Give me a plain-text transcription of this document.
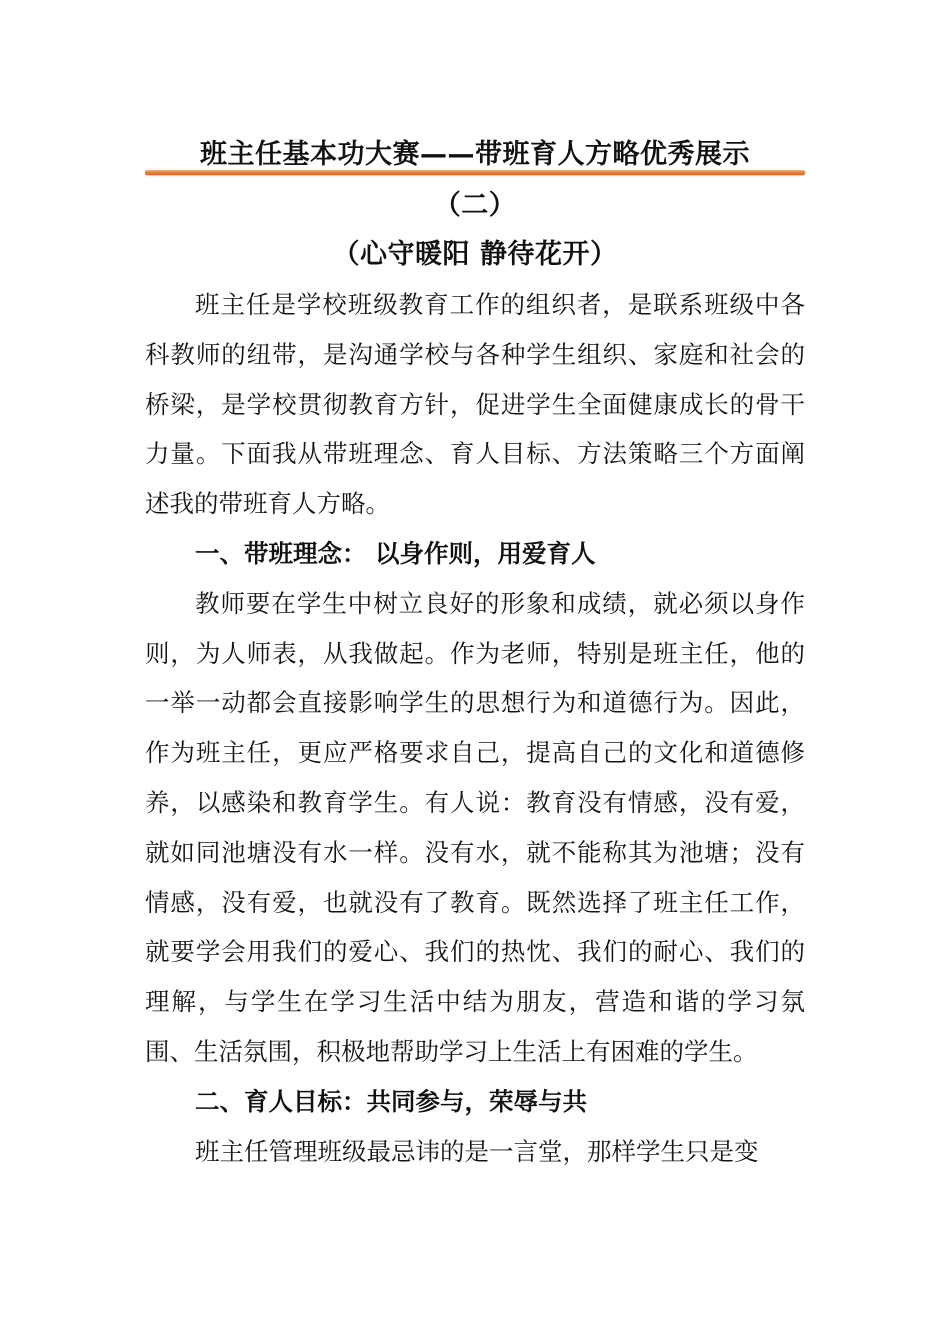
班主任基本功大赛——带班育人方略优秀展示
（二）
（心守暖阳 静待花开）

班主任是学校班级教育工作的组织者，是联系班级中各科教师的纽带，是沟通学校与各种学生组织、家庭和社会的桥梁，是学校贯彻教育方针，促进学生全面健康成长的骨干力量。下面我从带班理念、育人目标、方法策略三个方面阐述我的带班育人方略。

一、带班理念： 以身作则，用爱育人

教师要在学生中树立良好的形象和成绩，就必须以身作则，为人师表，从我做起。作为老师，特别是班主任，他的一举一动都会直接影响学生的思想行为和道德行为。因此，作为班主任，更应严格要求自己，提高自己的文化和道德修养，以感染和教育学生。有人说：教育没有情感，没有爱，就如同池塘没有水一样。没有水，就不能称其为池塘；没有情感，没有爱，也就没有了教育。既然选择了班主任工作，就要学会用我们的爱心、我们的热忱、我们的耐心、我们的理解，与学生在学习生活中结为朋友，营造和谐的学习氛围、生活氛围，积极地帮助学习上生活上有困难的学生。

二、育人目标：共同参与，荣辱与共

班主任管理班级最忌讳的是一言堂，那样学生只是变
